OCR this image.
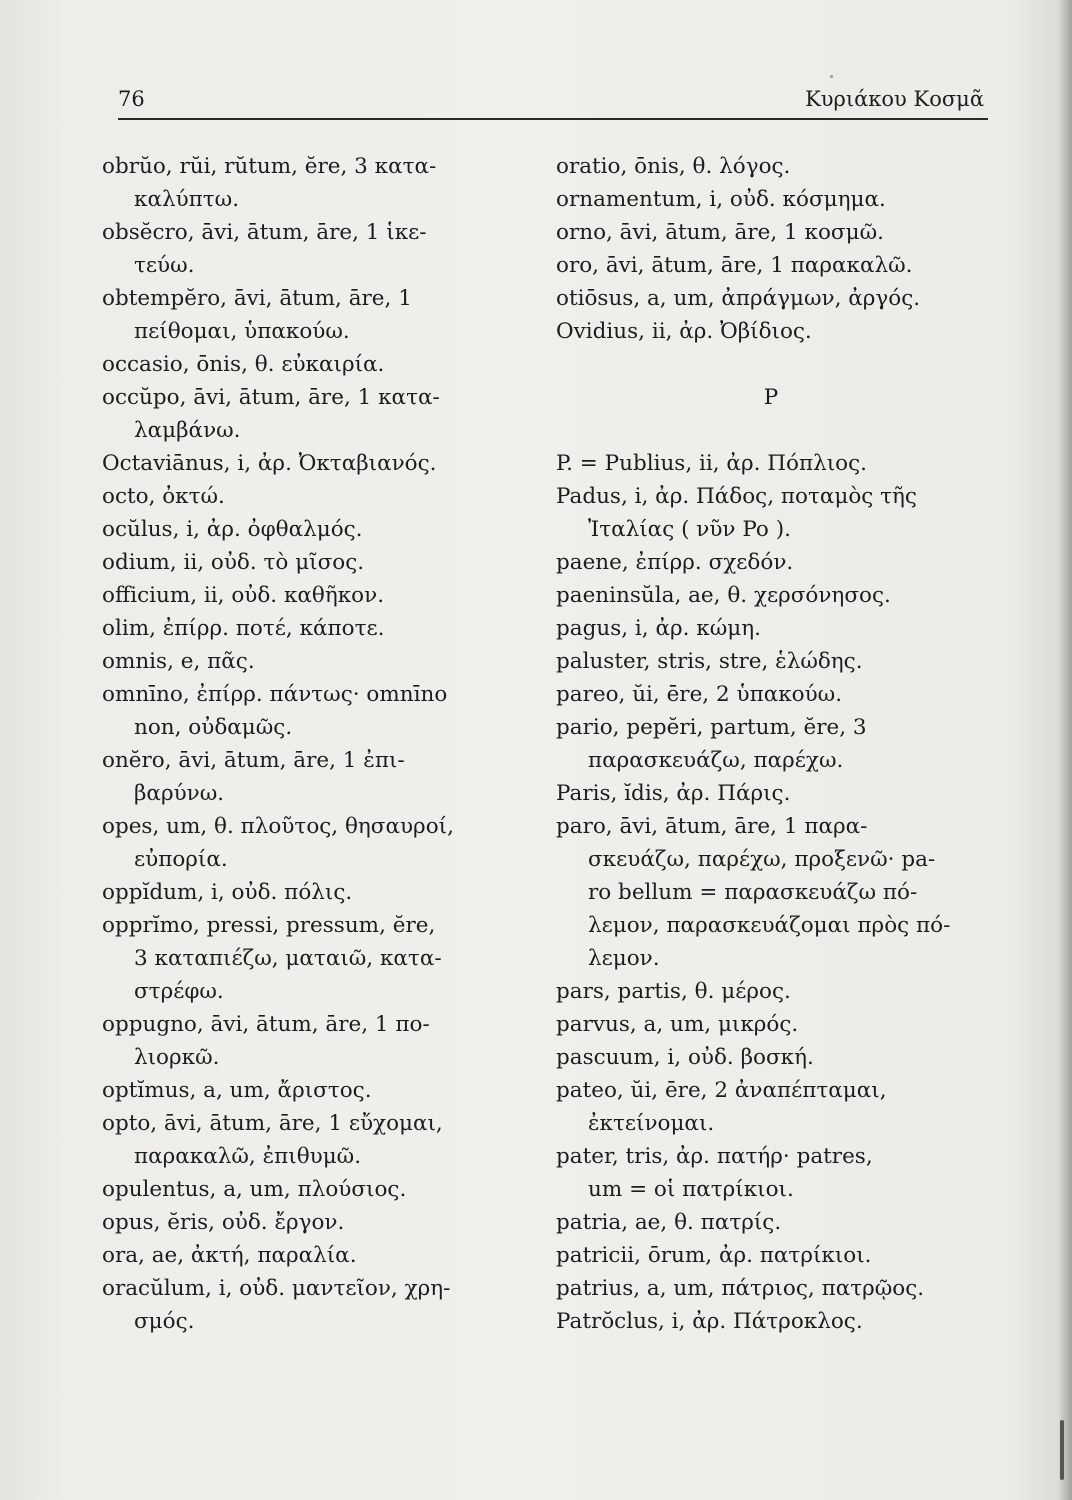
76	Κυριάκου Κοσμᾶ
obrŭo, rŭi, rŭtum, ĕre, 3 κατα-
καλύπτω.
obsĕcro, āvi, ātum, āre, 1 ἱκε-
τεύω.
obtempĕro, āvi, ātum, āre, 1
πείθομαι, ὑπακούω.
occasio, ōnis, θ. εὐκαιρία.
occŭpo, āvi, ātum, āre, 1 κατα-
λαμβάνω.
Octaviānus, i, ἀρ. Ὀκταβιανός.
octo, ὀκτώ.
ocŭlus, i, ἀρ. ὀφθαλμός.
odium, ii, οὐδ. τὸ μῖσος.
officium, ii, οὐδ. καθῆκον.
olim, ἐπίρρ. ποτέ, κάποτε.
omnis, e, πᾶς.
omnīno, ἐπίρρ. πάντως· omnīno
non, οὐδαμῶς.
onĕro, āvi, ātum, āre, 1 ἐπι-
βαρύνω.
opes, um, θ. πλοῦτος, θησαυροί,
εὐπορία.
oppĭdum, i, οὐδ. πόλις.
opprĭmo, pressi, pressum, ĕre,
3 καταπιέζω, ματαιῶ, κατα-
στρέφω.
oppugno, āvi, ātum, āre, 1 πο-
λιορκῶ.
optĭmus, a, um, ἄριστος.
opto, āvi, ātum, āre, 1 εὔχομαι,
παρακαλῶ, ἐπιθυμῶ.
opulentus, a, um, πλούσιος.
opus, ĕris, οὐδ. ἔργον.
ora, ae, ἀκτή, παραλία.
oracŭlum, i, οὐδ. μαντεῖον, χρη-
σμός.
oratio, ōnis, θ. λόγος.
ornamentum, i, οὐδ. κόσμημα.
orno, āvi, ātum, āre, 1 κοσμῶ.
oro, āvi, ātum, āre, 1 παρακαλῶ.
otiōsus, a, um, ἀπράγμων, ἀργός.
Ovidius, ii, ἀρ. Ὀβίδιος.
P
P. = Publius, ii, ἀρ. Πόπλιος.
Padus, i, ἀρ. Πάδος, ποταμὸς τῆς
Ἰταλίας ( νῦν Po ).
paene, ἐπίρρ. σχεδόν.
paeninsŭla, ae, θ. χερσόνησος.
pagus, i, ἀρ. κώμη.
paluster, stris, stre, ἑλώδης.
pareo, ŭi, ēre, 2 ὑπακούω.
pario, pepĕri, partum, ĕre, 3
παρασκευάζω, παρέχω.
Paris, ĭdis, ἀρ. Πάρις.
paro, āvi, ātum, āre, 1 παρα-
σκευάζω, παρέχω, προξενῶ· pa-
ro bellum = παρασκευάζω πό-
λεμον, παρασκευάζομαι πρὸς πό-
λεμον.
pars, partis, θ. μέρος.
parvus, a, um, μικρός.
pascuum, i, οὐδ. βοσκή.
pateo, ŭi, ēre, 2 ἀναπέπταμαι,
ἐκτείνομαι.
pater, tris, ἀρ. πατήρ· patres,
um = οἱ πατρίκιοι.
patria, ae, θ. πατρίς.
patricii, ōrum, ἀρ. πατρίκιοι.
patrius, a, um, πάτριος, πατρῷος.
Patrŏclus, i, ἀρ. Πάτροκλος.
